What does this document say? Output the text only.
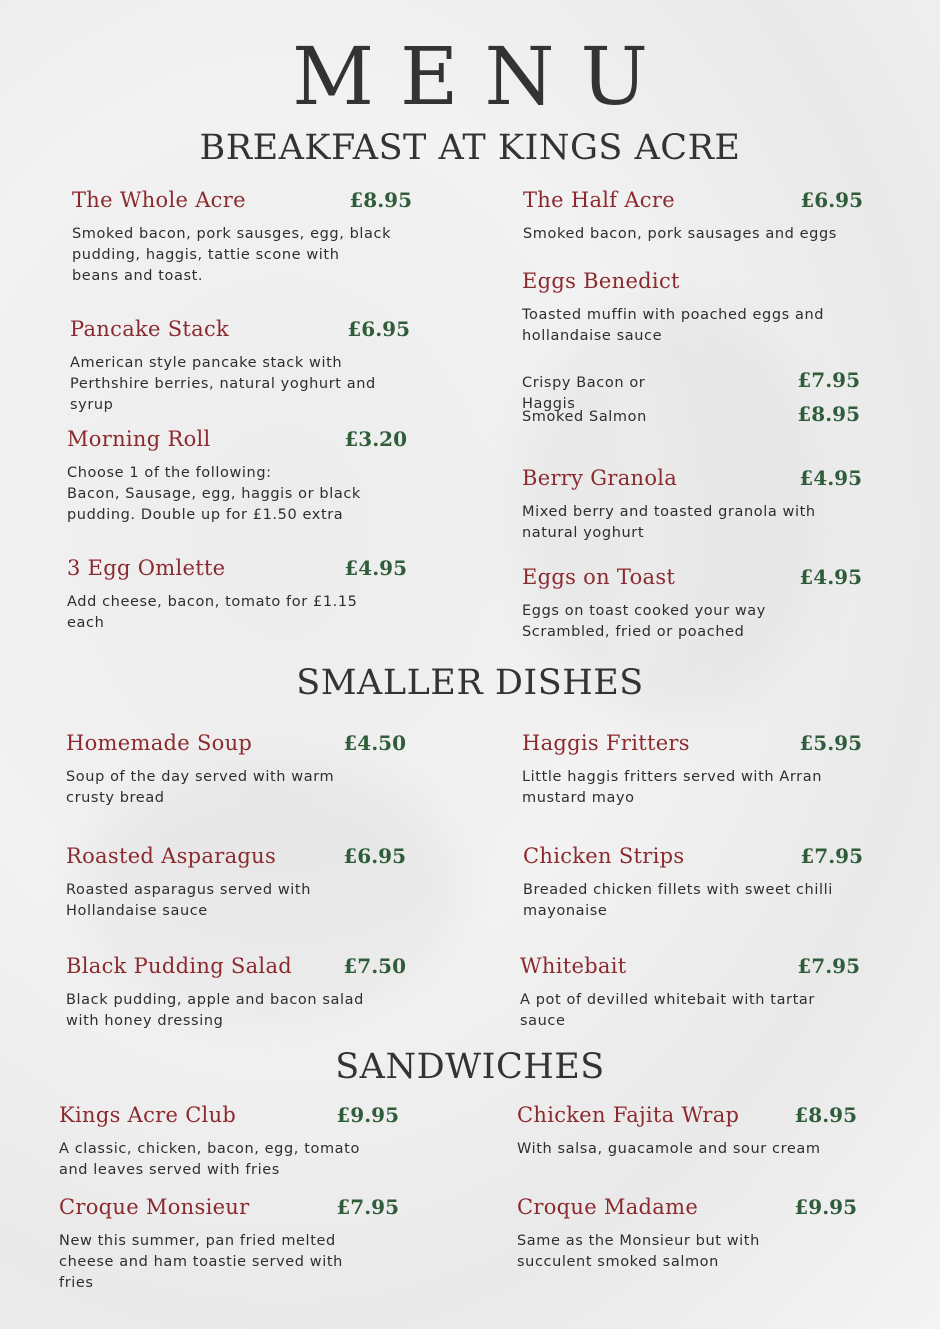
MENU
BREAKFAST AT KINGS ACRE
The Whole Acre	£8.95
Smoked bacon, pork sausges, egg, black
pudding, haggis, tattie scone with
beans and toast.
Pancake Stack	£6.95
American style pancake stack with
Perthshire berries, natural yoghurt and
syrup
Morning Roll	£3.20
Choose 1 of the following:
Bacon, Sausage, egg, haggis or black
pudding. Double up for £1.50 extra
3 Egg Omlette	£4.95
Add cheese, bacon, tomato for £1.15
each
The Half Acre	£6.95
Smoked bacon, pork sausages and eggs
Eggs Benedict
Toasted muffin with poached eggs and
hollandaise sauce
Crispy Bacon or
Haggis
£7.95
Smoked Salmon	£8.95
Berry Granola	£4.95
Mixed berry and toasted granola with
natural yoghurt
Eggs on Toast	£4.95
Eggs on toast cooked your way
Scrambled, fried or poached
SMALLER DISHES
Homemade Soup	£4.50
Soup of the day served with warm
crusty bread
Haggis Fritters	£5.95
Little haggis fritters served with Arran
mustard mayo
Roasted Asparagus	£6.95
Roasted asparagus served with
Hollandaise sauce
Chicken Strips	£7.95
Breaded chicken fillets with sweet chilli
mayonaise
Black Pudding Salad	£7.50
Black pudding, apple and bacon salad
with honey dressing
Whitebait	£7.95
A pot of devilled whitebait with tartar
sauce
SANDWICHES
Kings Acre Club	£9.95
A classic, chicken, bacon, egg, tomato
and leaves served with fries
Chicken Fajita Wrap	£8.95
With salsa, guacamole and sour cream
Croque Monsieur	£7.95
New this summer, pan fried melted
cheese and ham toastie served with
fries
Croque Madame	£9.95
Same as the Monsieur but with
succulent smoked salmon
